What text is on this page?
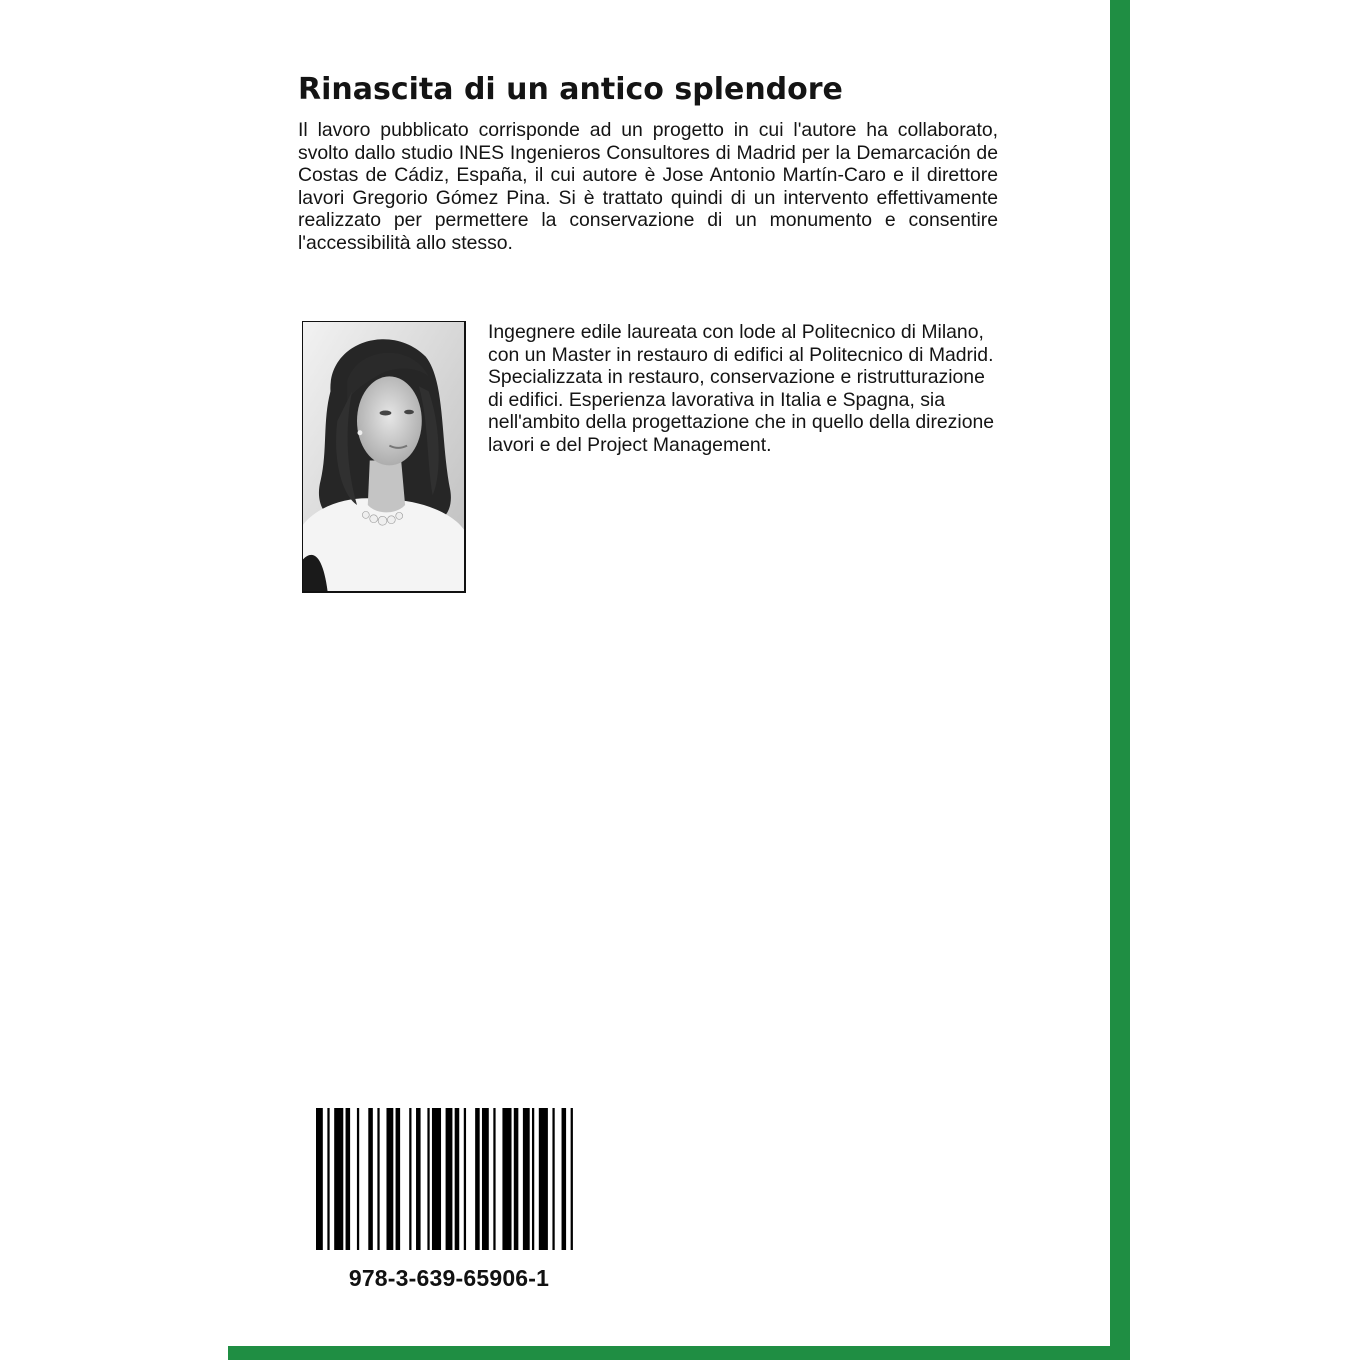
Rinascita di un antico splendore

Il lavoro pubblicato corrisponde ad un progetto in cui l'autore ha collaborato, svolto dallo studio INES Ingenieros Consultores di Madrid per la Demarcación de Costas de Cádiz, España, il cui autore è Jose Antonio Martín-Caro e il direttore lavori Gregorio Gómez Pina. Si è trattato quindi di un intervento effettivamente realizzato per permettere la conservazione di un monumento e consentire l'accessibilità allo stesso.

Ingegnere edile laureata con lode al Politecnico di Milano, con un Master in restauro di edifici al Politecnico di Madrid. Specializzata in restauro, conservazione e ristrutturazione di edifici. Esperienza lavorativa in Italia e Spagna, sia nell'ambito della progettazione che in quello della direzione lavori e del Project Management.

978-3-639-65906-1
